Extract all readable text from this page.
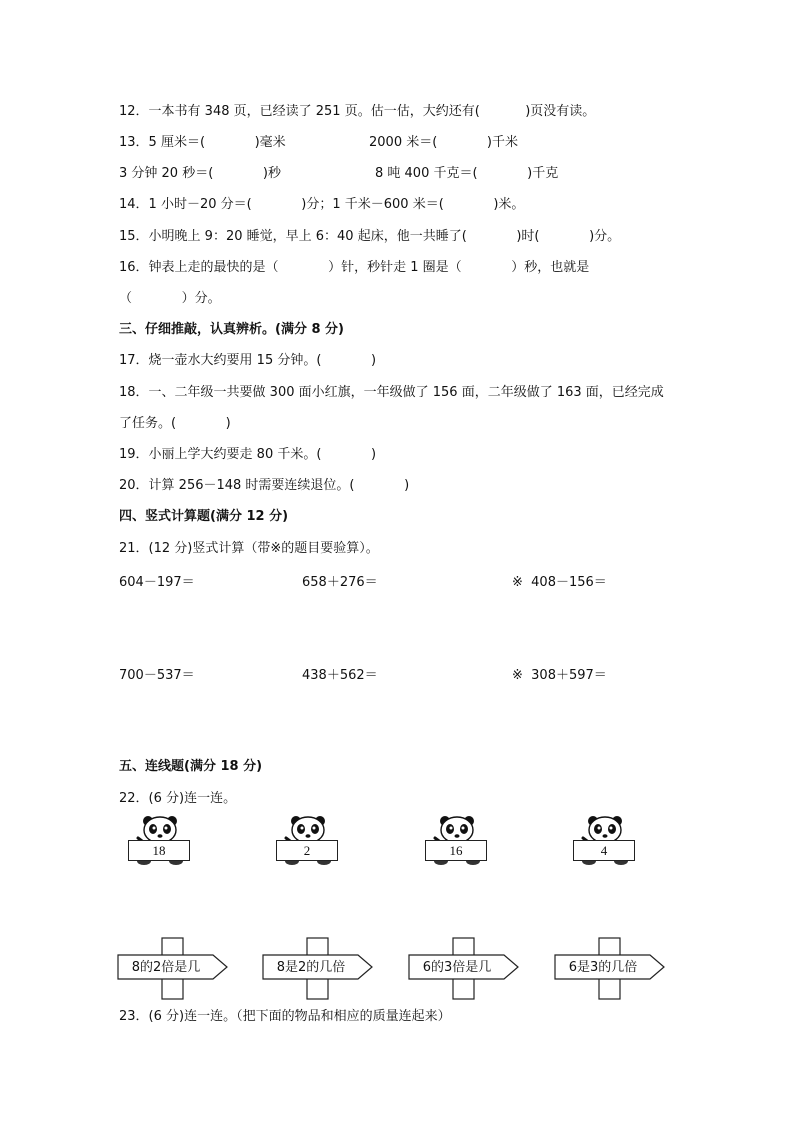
12．一本书有 348 页，已经读了 251 页。估一估，大约还有(           )页没有读。
13．5 厘米＝(            )毫米	2000 米＝(            )千米
3 分钟 20 秒＝(            )秒	8 吨 400 千克＝(            )千克
14．1 小时－20 分＝(            )分；1 千米－600 米＝(            )米。
15．小明晚上 9：20 睡觉，早上 6：40 起床，他一共睡了(            )时(            )分。
16．钟表上走的最快的是（            ）针，秒针走 1 圈是（            ）秒，也就是
（            ）分。
三、仔细推敲，认真辨析。(满分 8 分)
17．烧一壶水大约要用 15 分钟。(            )
18．一、二年级一共要做 300 面小红旗，一年级做了 156 面，二年级做了 163 面，已经完成
了任务。(            )
19．小丽上学大约要走 80 千米。(            )
20．计算 256－148 时需要连续退位。(            )
四、竖式计算题(满分 12 分)
21．(12 分)竖式计算（带※的题目要验算）。
604－197＝	658＋276＝	※  408－156＝
700－537＝	438＋562＝	※  308＋597＝
五、连线题(满分 18 分)
22．(6 分)连一连。
18	2	16	4
8的2倍是几	8是2的几倍	6的3倍是几	6是3的几倍
23．(6 分)连一连。（把下面的物品和相应的质量连起来）
